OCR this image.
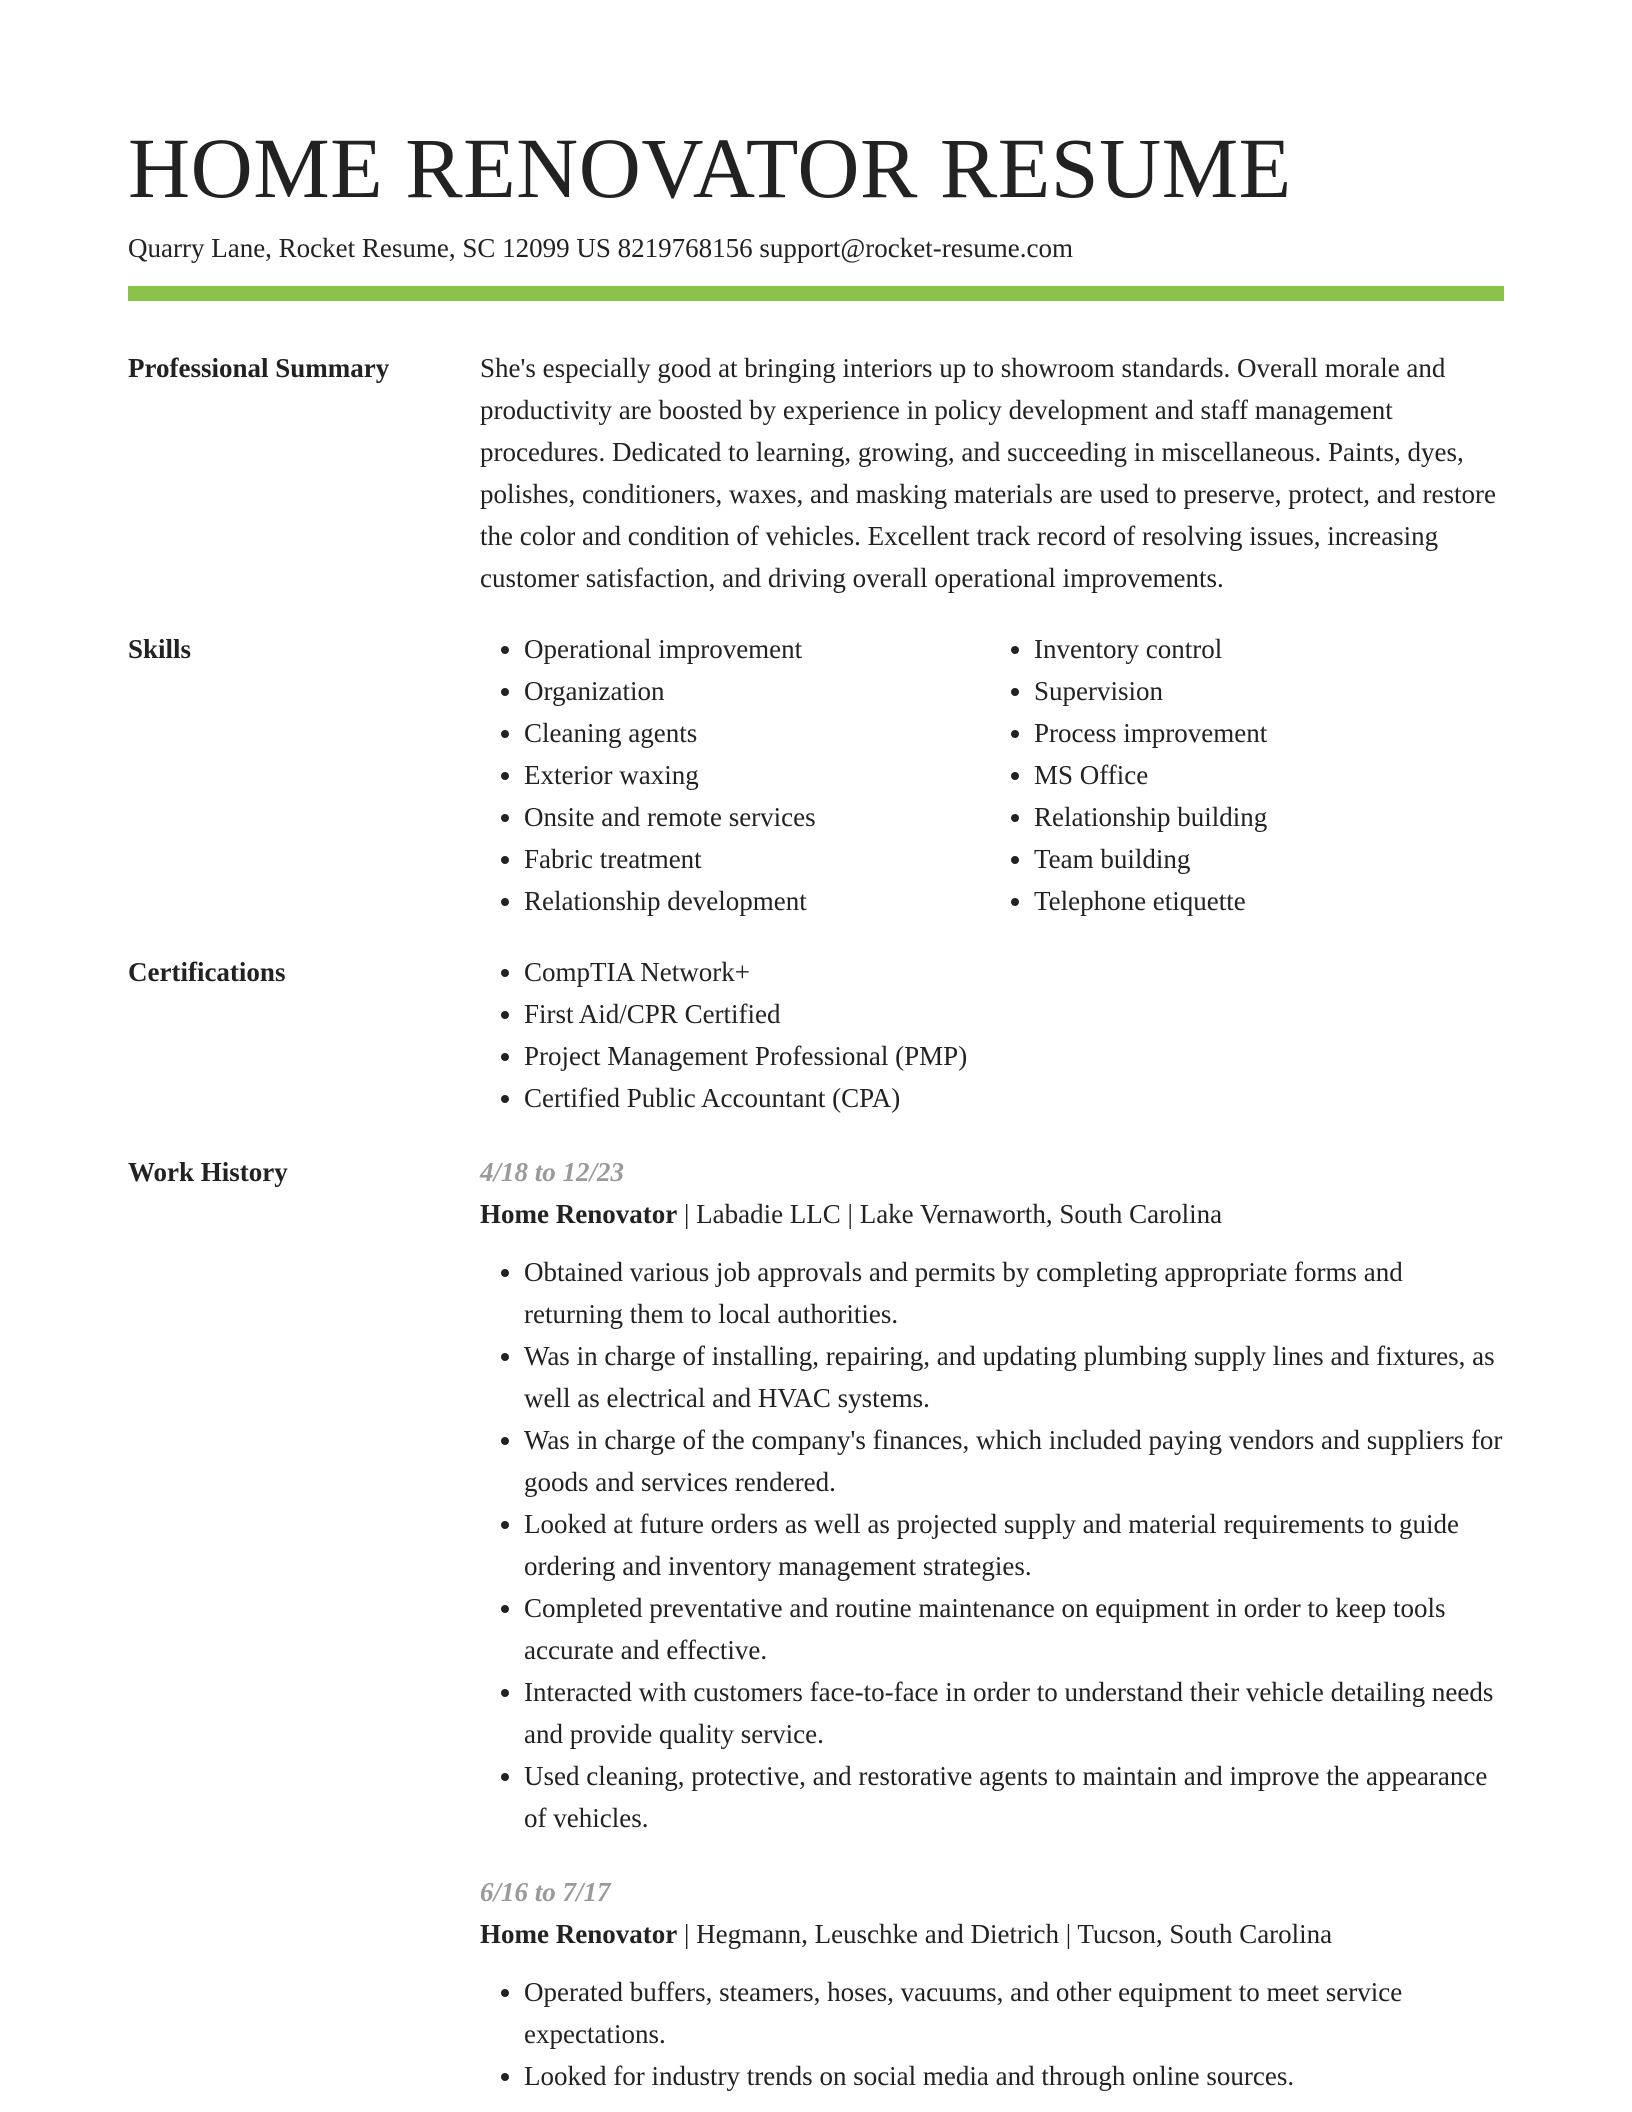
HOME RENOVATOR RESUME
Quarry Lane, Rocket Resume, SC 12099 US 8219768156 support@rocket-resume.com
Professional Summary	She's especially good at bringing interiors up to showroom standards. Overall morale and productivity are boosted by experience in policy development and staff management procedures. Dedicated to learning, growing, and succeeding in miscellaneous. Paints, dyes, polishes, conditioners, waxes, and masking materials are used to preserve, protect, and restore the color and condition of vehicles. Excellent track record of resolving issues, increasing customer satisfaction, and driving overall operational improvements.
Skills	• Operational improvement
• Organization
• Cleaning agents
• Exterior waxing
• Onsite and remote services
• Fabric treatment
• Relationship development
• Inventory control
• Supervision
• Process improvement
• MS Office
• Relationship building
• Team building
• Telephone etiquette
Certifications	• CompTIA Network+
• First Aid/CPR Certified
• Project Management Professional (PMP)
• Certified Public Accountant (CPA)
Work History	4/18 to 12/23
Home Renovator | Labadie LLC | Lake Vernaworth, South Carolina
• Obtained various job approvals and permits by completing appropriate forms and returning them to local authorities.
• Was in charge of installing, repairing, and updating plumbing supply lines and fixtures, as well as electrical and HVAC systems.
• Was in charge of the company's finances, which included paying vendors and suppliers for goods and services rendered.
• Looked at future orders as well as projected supply and material requirements to guide ordering and inventory management strategies.
• Completed preventative and routine maintenance on equipment in order to keep tools accurate and effective.
• Interacted with customers face-to-face in order to understand their vehicle detailing needs and provide quality service.
• Used cleaning, protective, and restorative agents to maintain and improve the appearance of vehicles.
6/16 to 7/17
Home Renovator | Hegmann, Leuschke and Dietrich | Tucson, South Carolina
• Operated buffers, steamers, hoses, vacuums, and other equipment to meet service expectations.
• Looked for industry trends on social media and through online sources.
